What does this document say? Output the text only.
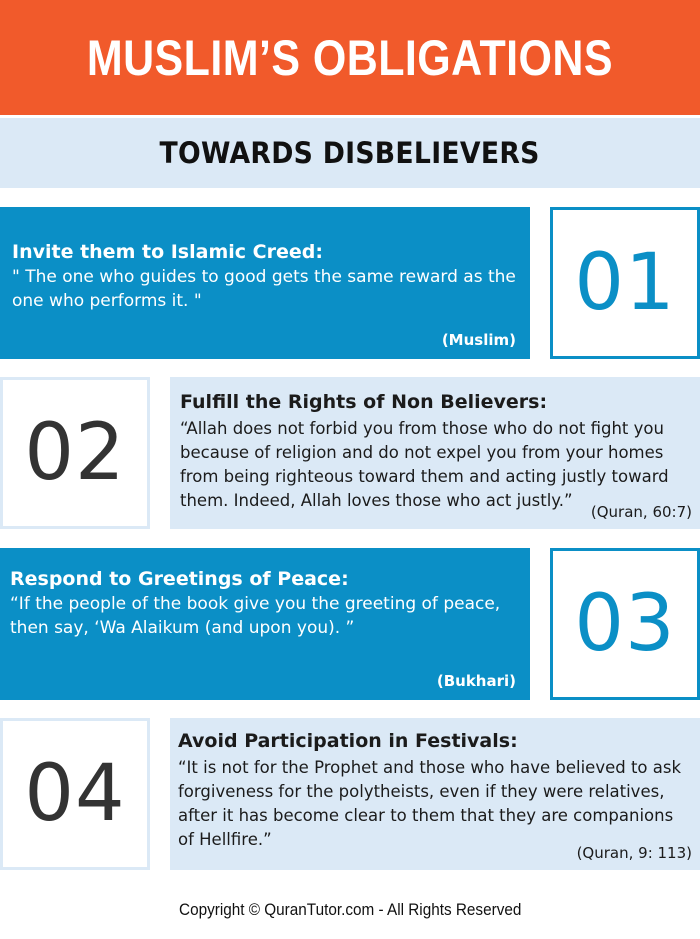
MUSLIM’S OBLIGATIONS
TOWARDS DISBELIEVERS
Invite them to Islamic Creed:
" The one who guides to good gets the same reward as the one who performs it. "
(Muslim)
01
02
Fulfill the Rights of Non Believers:
“Allah does not forbid you from those who do not fight you because of religion and do not expel you from your homes from being righteous toward them and acting justly toward them. Indeed, Allah loves those who act justly.”
(Quran, 60:7)
Respond to Greetings of Peace:
“If the people of the book give you the greeting of peace, then say, ‘Wa Alaikum (and upon you). ”
(Bukhari)
03
04
Avoid Participation in Festivals:
“It is not for the Prophet and those who have believed to ask forgiveness for the polytheists, even if they were relatives, after it has become clear to them that they are companions of Hellfire.”
(Quran, 9: 113)
Copyright © QuranTutor.com - All Rights Reserved
